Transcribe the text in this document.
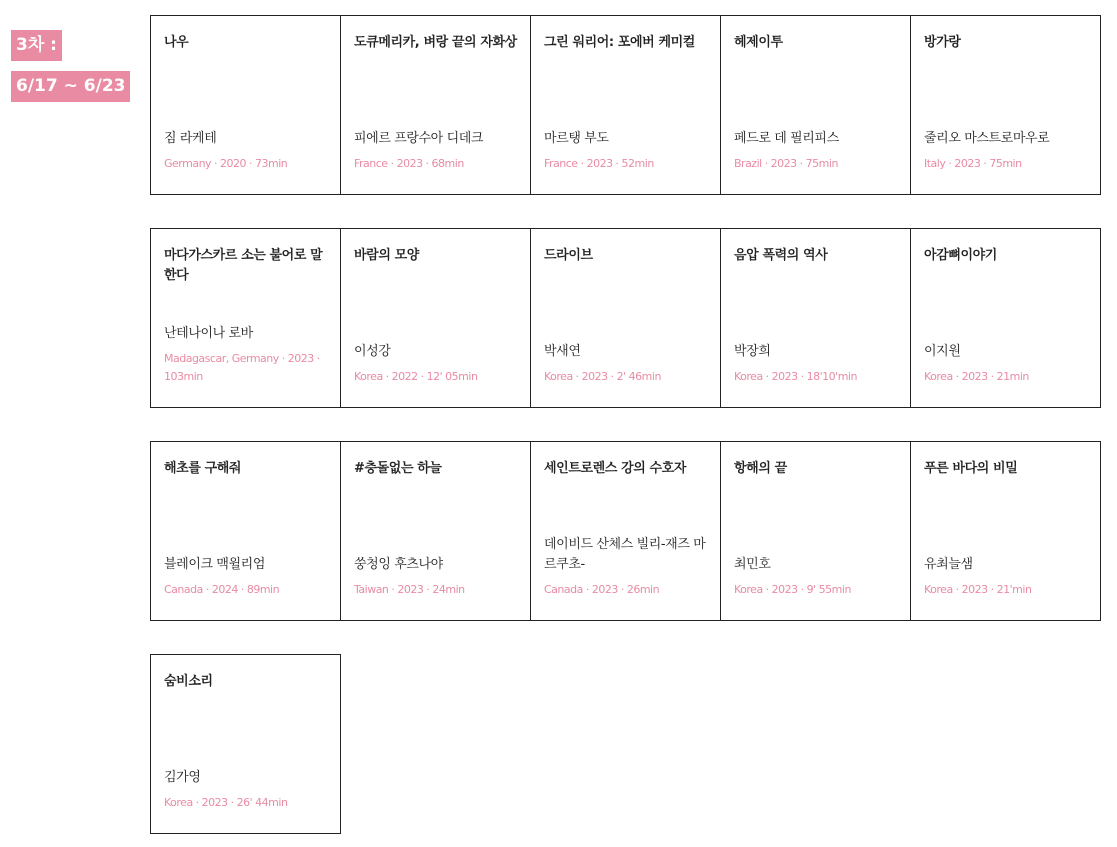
3차 :
6/17 ~ 6/23
나우
짐 라케테
Germany · 2020 · 73min
도큐메리카, 벼랑 끝의 자화상
피에르 프랑수아 디데크
France · 2023 · 68min
그린 워리어: 포에버 케미컬
마르탱 부도
France · 2023 · 52min
헤제이투
페드로 데 필리피스
Brazil · 2023 · 75min
방가랑
줄리오 마스트로마우로
Italy · 2023 · 75min
마다가스카르 소는 불어로 말한다
난테나이나 로바
Madagascar, Germany · 2023 · 103min
바람의 모양
이성강
Korea · 2022 · 12' 05min
드라이브
박새연
Korea · 2023 · 2' 46min
음압 폭력의 역사
박장희
Korea · 2023 · 18'10'min
아감뼈이야기
이지원
Korea · 2023 · 21min
해초를 구해줘
블레이크 맥윌리엄
Canada · 2024 · 89min
#충돌없는 하늘
쑹청잉 후츠나야
Taiwan · 2023 · 24min
세인트로렌스 강의 수호자
데이비드 산체스 빌리-재즈 마르쿠초-
Canada · 2023 · 26min
항해의 끝
최민호
Korea · 2023 · 9' 55min
푸른 바다의 비밀
유최늘샘
Korea · 2023 · 21'min
숨비소리
김가영
Korea · 2023 · 26' 44min
